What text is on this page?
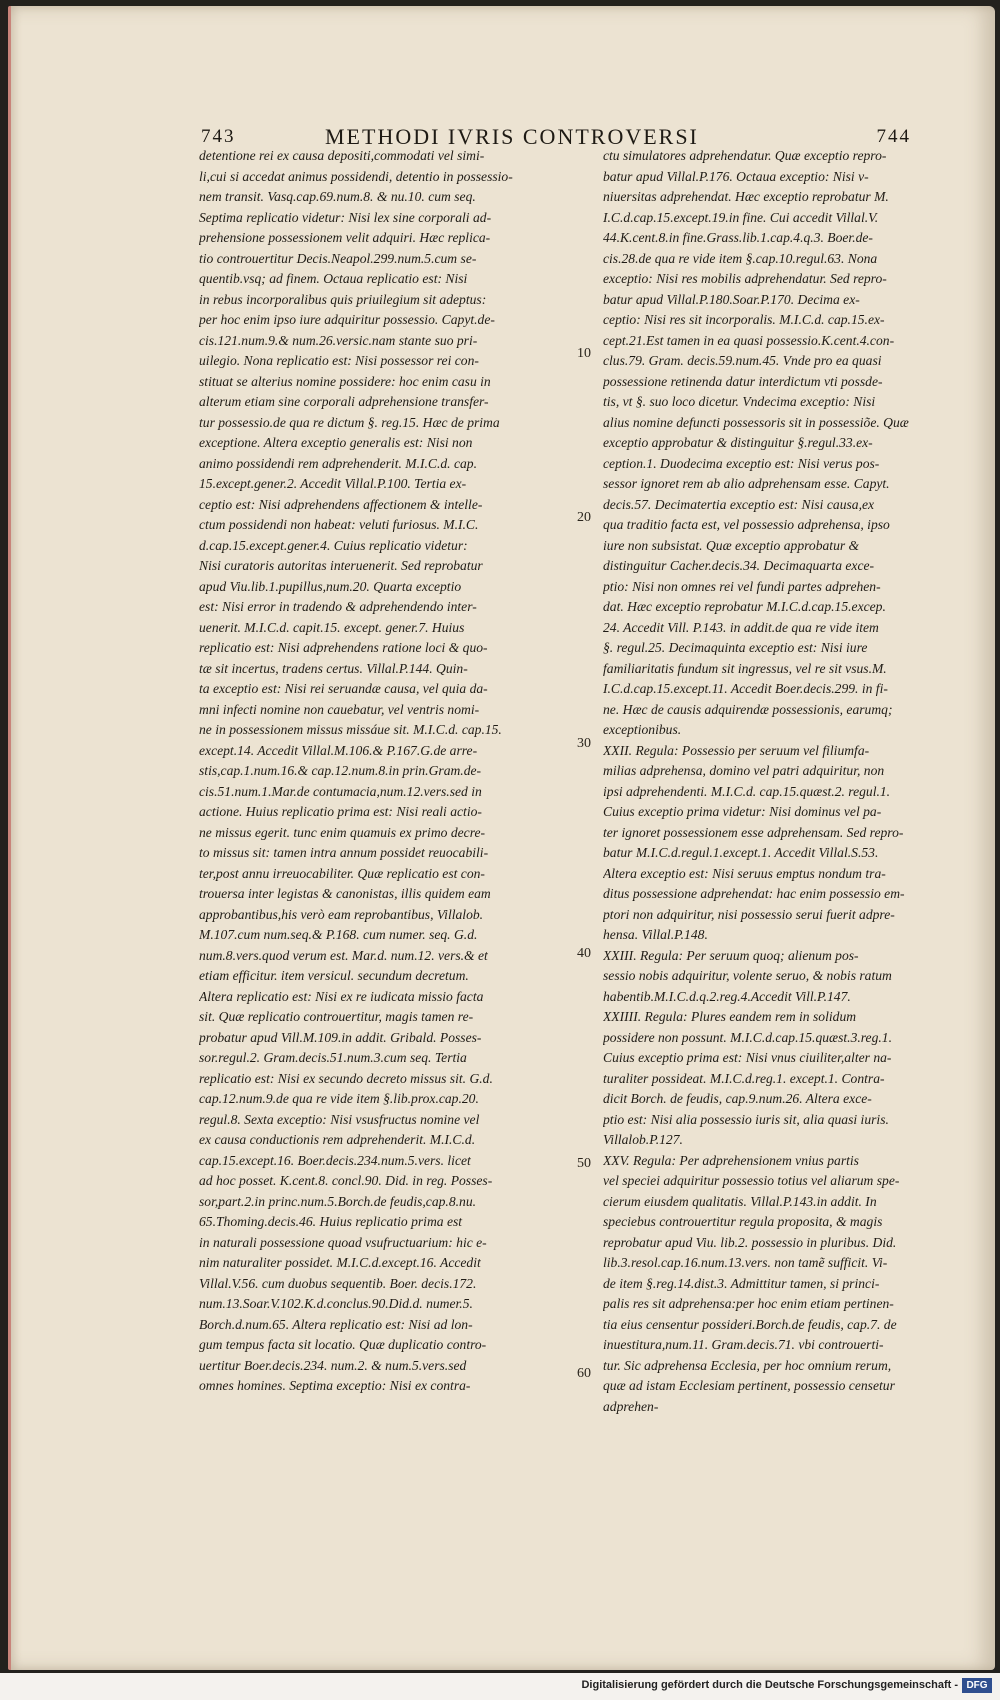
743	METHODI IVRIS CONTROVERSI	744
detentione rei ex causa depositi,commodati vel simi-
li,cui si accedat animus possidendi, detentio in possessio-
nem transit. Vasq.cap.69.num.8. & nu.10. cum seq.
Septima replicatio videtur: Nisi lex sine corporali ad-
prehensione possessionem velit adquiri. Hæc replica-
tio controuertitur Decis.Neapol.299.num.5.cum se-
quentib.vsq; ad finem. Octaua replicatio est: Nisi
in rebus incorporalibus quis priuilegium sit adeptus:
per hoc enim ipso iure adquiritur possessio. Capyt.de-
cis.121.num.9.& num.26.versic.nam stante suo pri-
uilegio. Nona replicatio est: Nisi possessor rei con-
stituat se alterius nomine possidere: hoc enim casu in
alterum etiam sine corporali adprehensione transfer-
tur possessio.de qua re dictum §. reg.15. Hæc de prima
exceptione. Altera exceptio generalis est: Nisi non
animo possidendi rem adprehenderit. M.I.C.d. cap.
15.except.gener.2. Accedit Villal.P.100. Tertia ex-
ceptio est: Nisi adprehendens affectionem & intelle-
ctum possidendi non habeat: veluti furiosus. M.I.C.
d.cap.15.except.gener.4. Cuius replicatio videtur:
Nisi curatoris autoritas interuenerit. Sed reprobatur
apud Viu.lib.1.pupillus,num.20. Quarta exceptio
est: Nisi error in tradendo & adprehendendo inter-
uenerit. M.I.C.d. capit.15. except. gener.7. Huius
replicatio est: Nisi adprehendens ratione loci & quo-
tæ sit incertus, tradens certus. Villal.P.144. Quin-
ta exceptio est: Nisi rei seruandæ causa, vel quia da-
mni infecti nomine non cauebatur, vel ventris nomi-
ne in possessionem missus missáue sit. M.I.C.d. cap.15.
except.14. Accedit Villal.M.106.& P.167.G.de arre-
stis,cap.1.num.16.& cap.12.num.8.in prin.Gram.de-
cis.51.num.1.Mar.de contumacia,num.12.vers.sed in
actione. Huius replicatio prima est: Nisi reali actio-
ne missus egerit. tunc enim quamuis ex primo decre-
to missus sit: tamen intra annum possidet reuocabili-
ter,post annu irreuocabiliter. Quæ replicatio est con-
trouersa inter legistas & canonistas, illis quidem eam
approbantibus,his verò eam reprobantibus, Villalob.
M.107.cum num.seq.& P.168. cum numer. seq. G.d.
num.8.vers.quod verum est. Mar.d. num.12. vers.& et
etiam efficitur. item versicul. secundum decretum.
Altera replicatio est: Nisi ex re iudicata missio facta
sit. Quæ replicatio controuertitur, magis tamen re-
probatur apud Vill.M.109.in addit. Gribald. Posses-
sor.regul.2. Gram.decis.51.num.3.cum seq. Tertia
replicatio est: Nisi ex secundo decreto missus sit. G.d.
cap.12.num.9.de qua re vide item §.lib.prox.cap.20.
regul.8. Sexta exceptio: Nisi vsusfructus nomine vel
ex causa conductionis rem adprehenderit. M.I.C.d.
cap.15.except.16. Boer.decis.234.num.5.vers. licet
ad hoc posset. K.cent.8. concl.90. Did. in reg. Posses-
sor,part.2.in princ.num.5.Borch.de feudis,cap.8.nu.
65.Thoming.decis.46. Huius replicatio prima est
in naturali possessione quoad vsufructuarium: hic e-
nim naturaliter possidet. M.I.C.d.except.16. Accedit
Villal.V.56. cum duobus sequentib. Boer. decis.172.
num.13.Soar.V.102.K.d.conclus.90.Did.d. numer.5.
Borch.d.num.65. Altera replicatio est: Nisi ad lon-
gum tempus facta sit locatio. Quæ duplicatio contro-
uertitur Boer.decis.234. num.2. & num.5.vers.sed
omnes homines. Septima exceptio: Nisi ex contra-
ctu simulatores adprehendatur. Quæ exceptio repro-
batur apud Villal.P.176. Octaua exceptio: Nisi v-
niuersitas adprehendat. Hæc exceptio reprobatur M.
I.C.d.cap.15.except.19.in fine. Cui accedit Villal.V.
44.K.cent.8.in fine.Grass.lib.1.cap.4.q.3. Boer.de-
cis.28.de qua re vide item §.cap.10.regul.63. Nona
exceptio: Nisi res mobilis adprehendatur. Sed repro-
batur apud Villal.P.180.Soar.P.170. Decima ex-
ceptio: Nisi res sit incorporalis. M.I.C.d. cap.15.ex-
cept.21.Est tamen in ea quasi possessio.K.cent.4.con-
clus.79. Gram. decis.59.num.45. Vnde pro ea quasi
possessione retinenda datur interdictum vti possde-
tis, vt §. suo loco dicetur. Vndecima exceptio: Nisi
alius nomine defuncti possessoris sit in possessiõe. Quæ
exceptio approbatur & distinguitur §.regul.33.ex-
ception.1. Duodecima exceptio est: Nisi verus pos-
sessor ignoret rem ab alio adprehensam esse. Capyt.
decis.57. Decimatertia exceptio est: Nisi causa,ex
qua traditio facta est, vel possessio adprehensa, ipso
iure non subsistat. Quæ exceptio approbatur &
distinguitur Cacher.decis.34. Decimaquarta exce-
ptio: Nisi non omnes rei vel fundi partes adprehen-
dat. Hæc exceptio reprobatur M.I.C.d.cap.15.excep.
24. Accedit Vill. P.143. in addit.de qua re vide item
§. regul.25. Decimaquinta exceptio est: Nisi iure
familiaritatis fundum sit ingressus, vel re sit vsus.M.
I.C.d.cap.15.except.11. Accedit Boer.decis.299. in fi-
ne. Hæc de causis adquirendæ possessionis, earumq;
exceptionibus.
XXII. Regula: Possessio per seruum vel filiumfa-
milias adprehensa, domino vel patri adquiritur, non
ipsi adprehendenti. M.I.C.d. cap.15.quæst.2. regul.1.
Cuius exceptio prima videtur: Nisi dominus vel pa-
ter ignoret possessionem esse adprehensam. Sed repro-
batur M.I.C.d.regul.1.except.1. Accedit Villal.S.53.
Altera exceptio est: Nisi seruus emptus nondum tra-
ditus possessione adprehendat: hac enim possessio em-
ptori non adquiritur, nisi possessio serui fuerit adpre-
hensa. Villal.P.148.
XXIII. Regula: Per seruum quoq; alienum pos-
sessio nobis adquiritur, volente seruo, & nobis ratum
habentib.M.I.C.d.q.2.reg.4.Accedit Vill.P.147.
XXIIII. Regula: Plures eandem rem in solidum
possidere non possunt. M.I.C.d.cap.15.quæst.3.reg.1.
Cuius exceptio prima est: Nisi vnus ciuiliter,alter na-
turaliter possideat. M.I.C.d.reg.1. except.1. Contra-
dicit Borch. de feudis, cap.9.num.26. Altera exce-
ptio est: Nisi alia possessio iuris sit, alia quasi iuris.
Villalob.P.127.
XXV. Regula: Per adprehensionem vnius partis
vel speciei adquiritur possessio totius vel aliarum spe-
cierum eiusdem qualitatis. Villal.P.143.in addit. In
speciebus controuertitur regula proposita, & magis
reprobatur apud Viu. lib.2. possessio in pluribus. Did.
lib.3.resol.cap.16.num.13.vers. non tamẽ sufficit. Vi-
de item §.reg.14.dist.3. Admittitur tamen, si princi-
palis res sit adprehensa:per hoc enim etiam pertinen-
tia eius censentur possideri.Borch.de feudis, cap.7. de
inuestitura,num.11. Gram.decis.71. vbi controuerti-
tur. Sic adprehensa Ecclesia, per hoc omnium rerum,
quæ ad istam Ecclesiam pertinent, possessio censetur
adprehen-
10
20
30
40
50
60
Digitalisierung gefördert durch die Deutsche Forschungsgemeinschaft - DFG
